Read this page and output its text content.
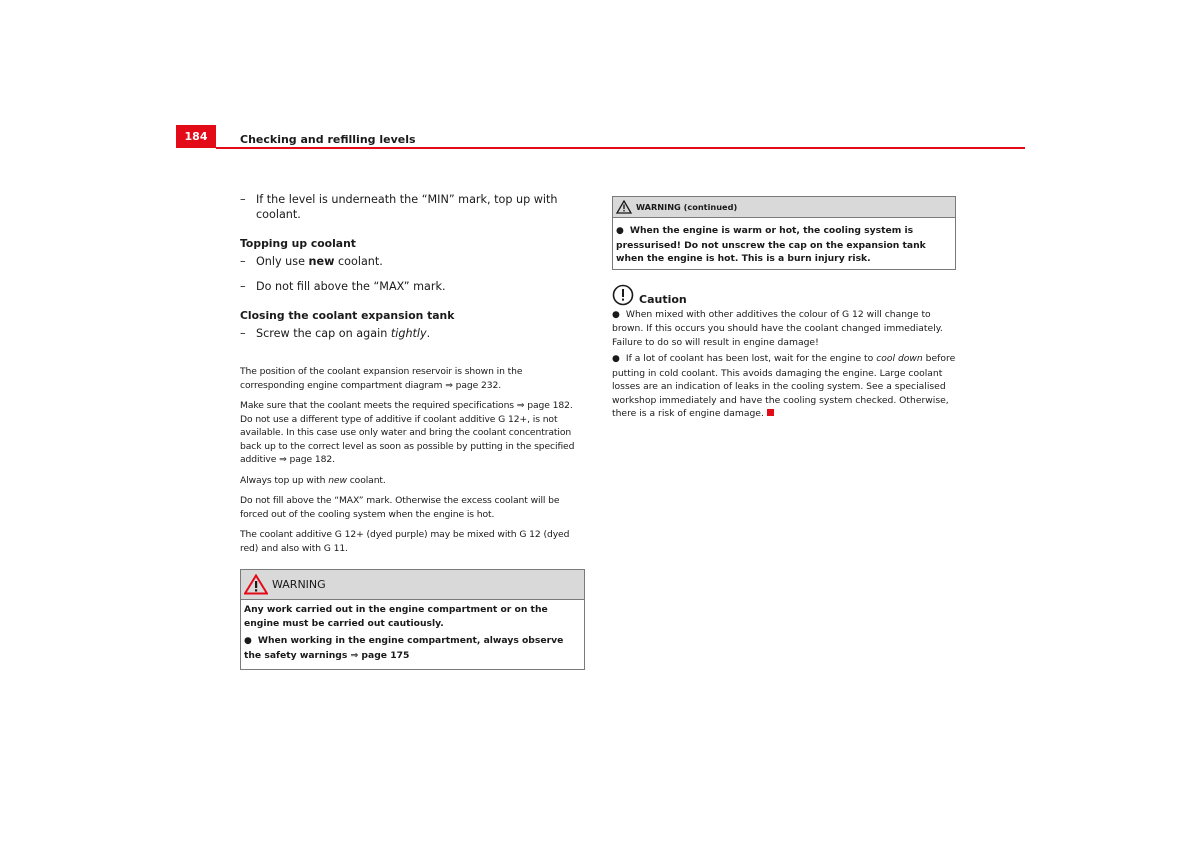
184	Checking and refilling levels
– If the level is underneath the “MIN” mark, top up with coolant.
Topping up coolant
– Only use new coolant.
– Do not fill above the “MAX” mark.
Closing the coolant expansion tank
– Screw the cap on again tightly.

The position of the coolant expansion reservoir is shown in the corresponding engine compartment diagram ⇒ page 232.

Make sure that the coolant meets the required specifications ⇒ page 182. Do not use a different type of additive if coolant additive G 12+, is not available. In this case use only water and bring the coolant concentration back up to the correct level as soon as possible by putting in the specified additive ⇒ page 182.

Always top up with new coolant.

Do not fill above the “MAX” mark. Otherwise the excess coolant will be forced out of the cooling system when the engine is hot.

The coolant additive G 12+ (dyed purple) may be mixed with G 12 (dyed red) and also with G 11.

WARNING

Any work carried out in the engine compartment or on the engine must be carried out cautiously.

● When working in the engine compartment, always observe the safety warnings ⇒ page 175

WARNING (continued)

● When the engine is warm or hot, the cooling system is pressurised! Do not unscrew the cap on the expansion tank when the engine is hot. This is a burn injury risk.

Caution

● When mixed with other additives the colour of G 12 will change to brown. If this occurs you should have the coolant changed immediately. Failure to do so will result in engine damage!

● If a lot of coolant has been lost, wait for the engine to cool down before putting in cold coolant. This avoids damaging the engine. Large coolant losses are an indication of leaks in the cooling system. See a specialised workshop immediately and have the cooling system checked. Otherwise, there is a risk of engine damage.
